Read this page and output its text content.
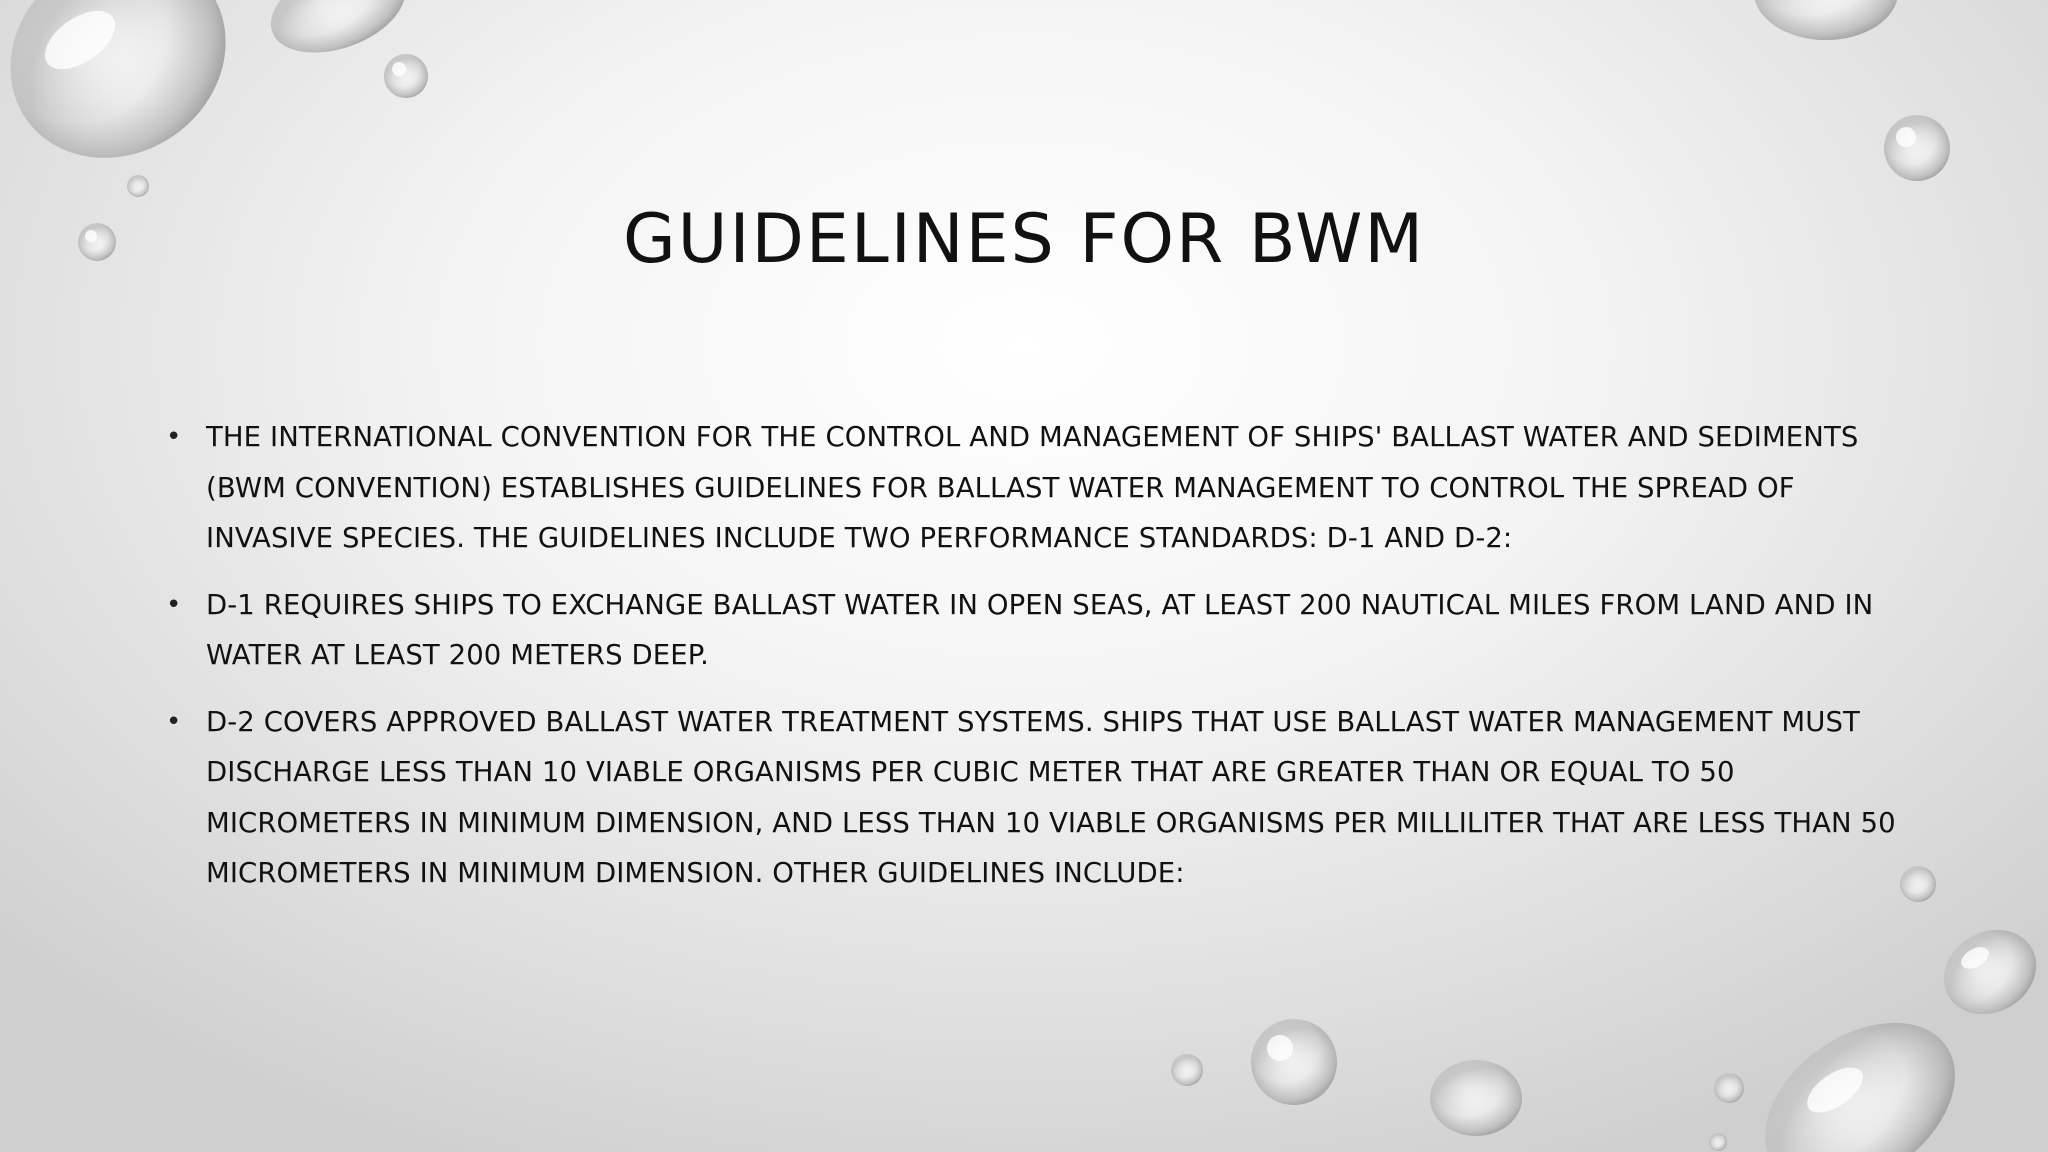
GUIDELINES FOR BWM
• THE INTERNATIONAL CONVENTION FOR THE CONTROL AND MANAGEMENT OF SHIPS' BALLAST WATER AND SEDIMENTS (BWM CONVENTION) ESTABLISHES GUIDELINES FOR BALLAST WATER MANAGEMENT TO CONTROL THE SPREAD OF INVASIVE SPECIES. THE GUIDELINES INCLUDE TWO PERFORMANCE STANDARDS: D-1 AND D-2:
• D-1 REQUIRES SHIPS TO EXCHANGE BALLAST WATER IN OPEN SEAS, AT LEAST 200 NAUTICAL MILES FROM LAND AND IN WATER AT LEAST 200 METERS DEEP.
• D-2 COVERS APPROVED BALLAST WATER TREATMENT SYSTEMS. SHIPS THAT USE BALLAST WATER MANAGEMENT MUST DISCHARGE LESS THAN 10 VIABLE ORGANISMS PER CUBIC METER THAT ARE GREATER THAN OR EQUAL TO 50 MICROMETERS IN MINIMUM DIMENSION, AND LESS THAN 10 VIABLE ORGANISMS PER MILLILITER THAT ARE LESS THAN 50 MICROMETERS IN MINIMUM DIMENSION. OTHER GUIDELINES INCLUDE:
